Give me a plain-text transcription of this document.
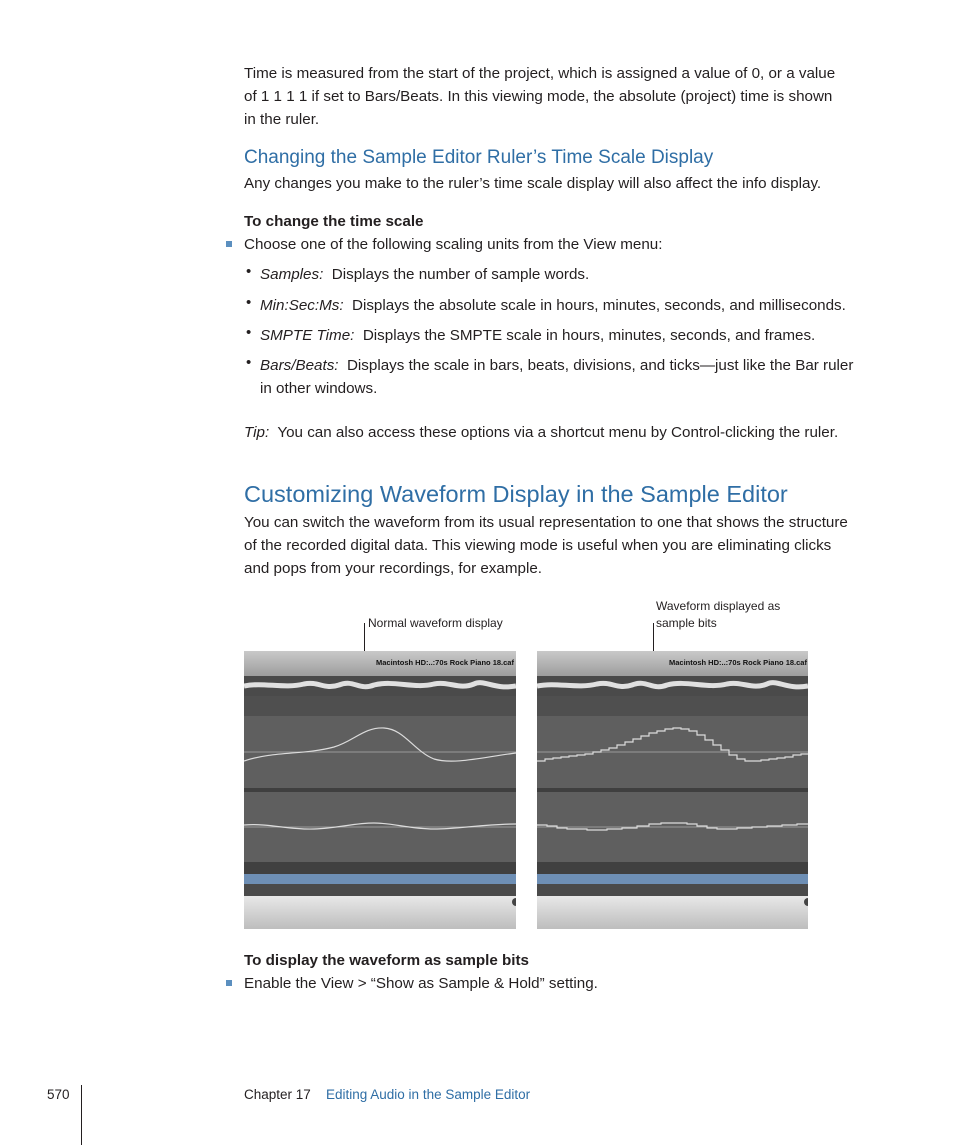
Time is measured from the start of the project, which is assigned a value of 0, or a value
of 1 1 1 1 if set to Bars/Beats. In this viewing mode, the absolute (project) time is shown
in the ruler.
Changing the Sample Editor Ruler’s Time Scale Display
Any changes you make to the ruler’s time scale display will also affect the info display.
To change the time scale
Choose one of the following scaling units from the View menu:
• Samples: Displays the number of sample words.
• Min:Sec:Ms: Displays the absolute scale in hours, minutes, seconds, and milliseconds.
• SMPTE Time: Displays the SMPTE scale in hours, minutes, seconds, and frames.
• Bars/Beats: Displays the scale in bars, beats, divisions, and ticks—just like the Bar ruler
in other windows.
Tip: You can also access these options via a shortcut menu by Control-clicking the ruler.
Customizing Waveform Display in the Sample Editor
You can switch the waveform from its usual representation to one that shows the structure
of the recorded digital data. This viewing mode is useful when you are eliminating clicks
and pops from your recordings, for example.
Normal waveform display
Waveform displayed as
sample bits
Macintosh HD:..:70s Rock Piano 18.caf	Macintosh HD:..:70s Rock Piano 18.caf
To display the waveform as sample bits
Enable the View > “Show as Sample & Hold” setting.
570	Chapter 17 Editing Audio in the Sample Editor
